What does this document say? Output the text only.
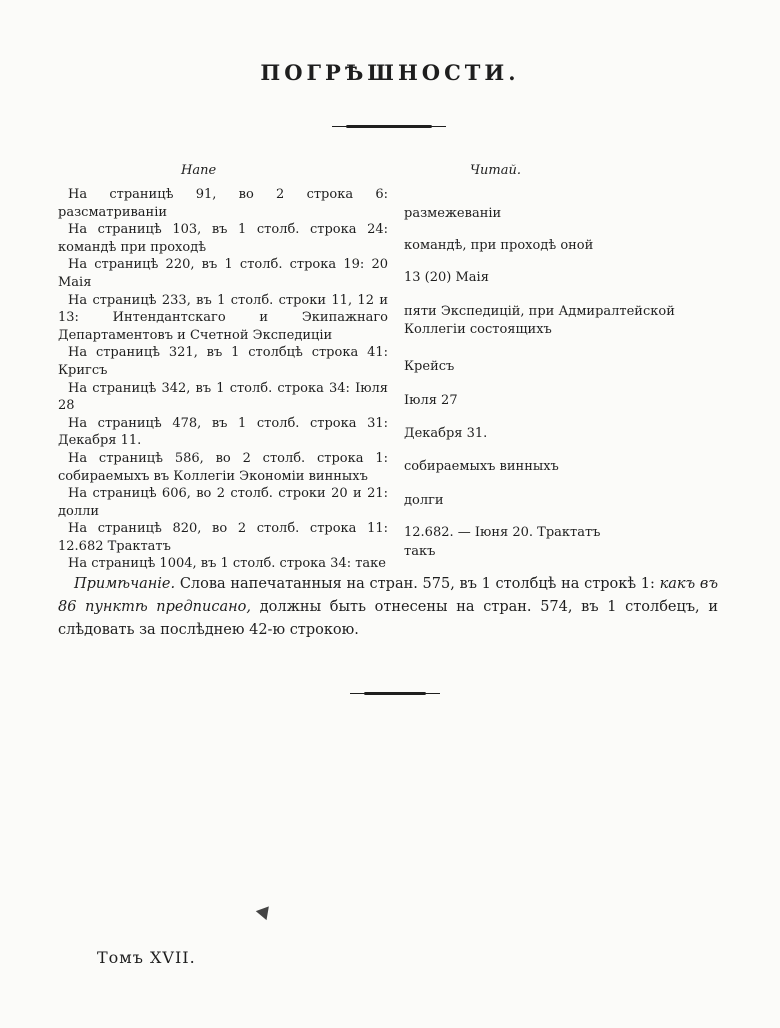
ПОГРѢШНОСТИ.
Напе	Читай.
На страницѣ 91, во 2 строка 6: разсматриваніи
На страницѣ 103, въ 1 столб. строка 24: командѣ при проходѣ
На страницѣ 220, въ 1 столб. строка 19: 20 Маія
На страницѣ 233, въ 1 столб. строки 11, 12 и 13: Интендантскаго и Экипажнаго Департаментовъ и Счетной Экспедиціи
На страницѣ 321, въ 1 столбцѣ строка 41: Кригсъ
На страницѣ 342, въ 1 столб. строка 34: Іюля 28
На страницѣ 478, въ 1 столб. строка 31: Декабря 11.
На страницѣ 586, во 2 столб. строка 1: собираемыхъ въ Коллегіи Экономіи винныхъ
На страницѣ 606, во 2 столб. строки 20 и 21: долли
На страницѣ 820, во 2 столб. строка 11: 12.682 Трактатъ
На страницѣ 1004, въ 1 столб. строка 34: таке
размежеваніи
командѣ, при проходѣ оной
13 (20) Маія
пяти Экспедицій, при Адмиралтейской Коллегіи состоящихъ
Крейсъ
Іюля 27
Декабря 31.
собираемыхъ винныхъ
долги
12.682. — Іюня 20. Трактатъ
такъ
Примѣчаніе. Слова напечатанныя на стран. 575, въ 1 столбцѣ на строкѣ 1: какъ въ 86 пунктѣ предписано, должны быть отнесены на стран. 574, въ 1 столбецъ, и слѣдовать за послѣднею 42-ю строкою.
Томъ XVII.
